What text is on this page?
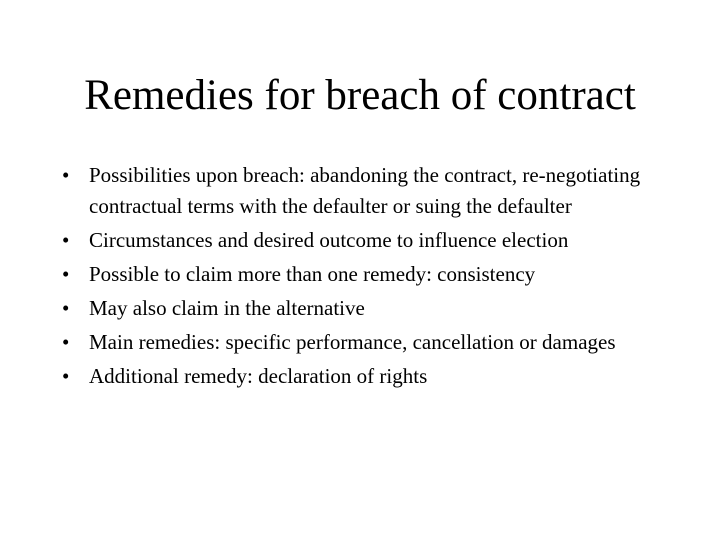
Remedies for breach of contract
• Possibilities upon breach: abandoning the contract, re-negotiating contractual terms with the defaulter or suing the defaulter
• Circumstances and desired outcome to influence election
• Possible to claim more than one remedy: consistency
• May also claim in the alternative
• Main remedies: specific performance, cancellation or damages
• Additional remedy: declaration of rights
